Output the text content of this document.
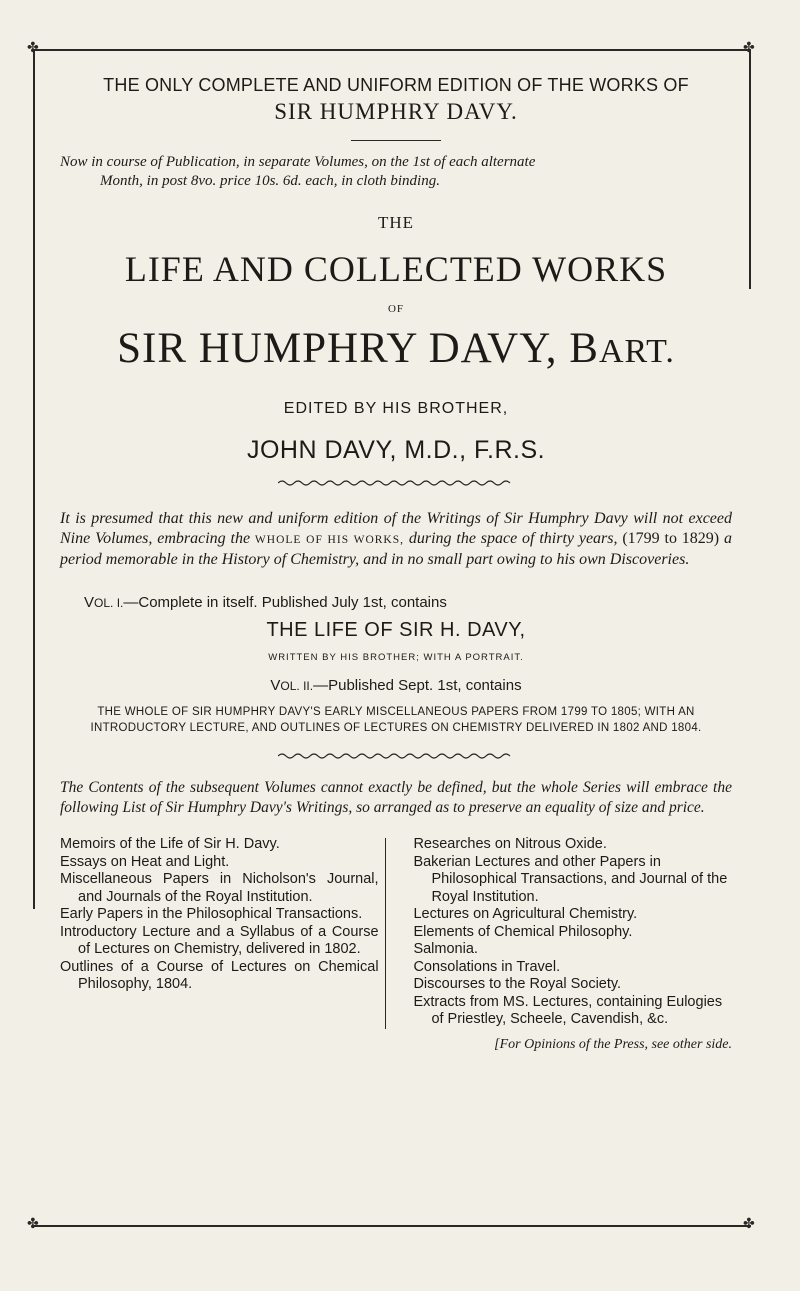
✤	✤
✤	✤

THE ONLY COMPLETE AND UNIFORM EDITION OF THE WORKS OF

SIR HUMPHRY DAVY.

Now in course of Publication, in separate Volumes, on the 1st of each alternate
Month, in post 8vo. price 10s. 6d. each, in cloth binding.

THE

LIFE AND COLLECTED WORKS

OF

SIR HUMPHRY DAVY, BART.

EDITED BY HIS BROTHER,

JOHN DAVY, M.D., F.R.S.

It is presumed that this new and uniform edition of the Writings of Sir Humphry Davy will not exceed Nine Volumes, embracing the WHOLE OF HIS WORKS, during the space of thirty years, (1799 to 1829) a period memorable in the History of Chemistry, and in no small part owing to his own Discoveries.

VOL. I.—Complete in itself. Published July 1st, contains

THE LIFE OF SIR H. DAVY,

WRITTEN BY HIS BROTHER; WITH A PORTRAIT.

VOL. II.—Published Sept. 1st, contains

THE WHOLE OF SIR HUMPHRY DAVY'S EARLY MISCELLANEOUS PAPERS FROM 1799 TO 1805; WITH AN INTRODUCTORY LECTURE, AND OUTLINES OF LECTURES ON CHEMISTRY DELIVERED IN 1802 AND 1804.

The Contents of the subsequent Volumes cannot exactly be defined, but the whole Series will embrace the following List of Sir Humphry Davy's Writings, so arranged as to preserve an equality of size and price.

Memoirs of the Life of Sir H. Davy.

Essays on Heat and Light.

Miscellaneous Papers in Nicholson's Journal, and Journals of the Royal Institution.

Early Papers in the Philosophical Transactions.

Introductory Lecture and a Syllabus of a Course of Lectures on Chemistry, delivered in 1802.

Outlines of a Course of Lectures on Chemical Philosophy, 1804.

Researches on Nitrous Oxide.

Bakerian Lectures and other Papers in Philosophical Transactions, and Journal of the Royal Institution.

Lectures on Agricultural Chemistry.

Elements of Chemical Philosophy.

Salmonia.

Consolations in Travel.

Discourses to the Royal Society.

Extracts from MS. Lectures, containing Eulogies of Priestley, Scheele, Cavendish, &c.

[For Opinions of the Press, see other side.
